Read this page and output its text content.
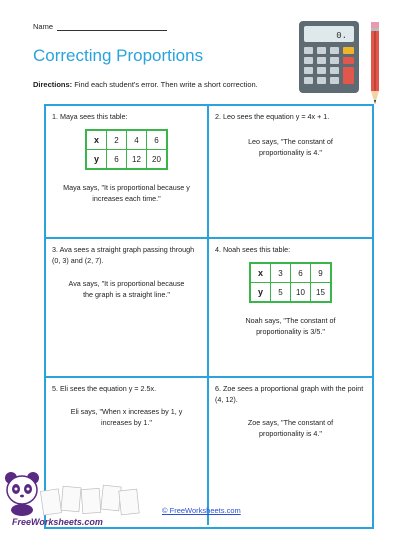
Name
Correcting Proportions
0.
Directions: Find each student's error. Then write a short correction.
1. Maya sees this table:
x	2	4	6
y	6	12	20
Maya says, "It is proportional because y increases each time."
2. Leo sees the equation y = 4x + 1.
Leo says, "The constant of proportionality is 4."
3. Ava sees a straight graph passing through (0, 3) and (2, 7).
Ava says, "It is proportional because the graph is a straight line."
4. Noah sees this table:
x	3	6	9
y	5	10	15
Noah says, "The constant of proportionality is 3/5."
5. Eli sees the equation y = 2.5x.
Eli says, "When x increases by 1, y increases by 1."
6. Zoe sees a proportional graph with the point (4, 12).
Zoe says, "The constant of proportionality is 4."
FreeWorksheets.com
© FreeWorksheets.com
